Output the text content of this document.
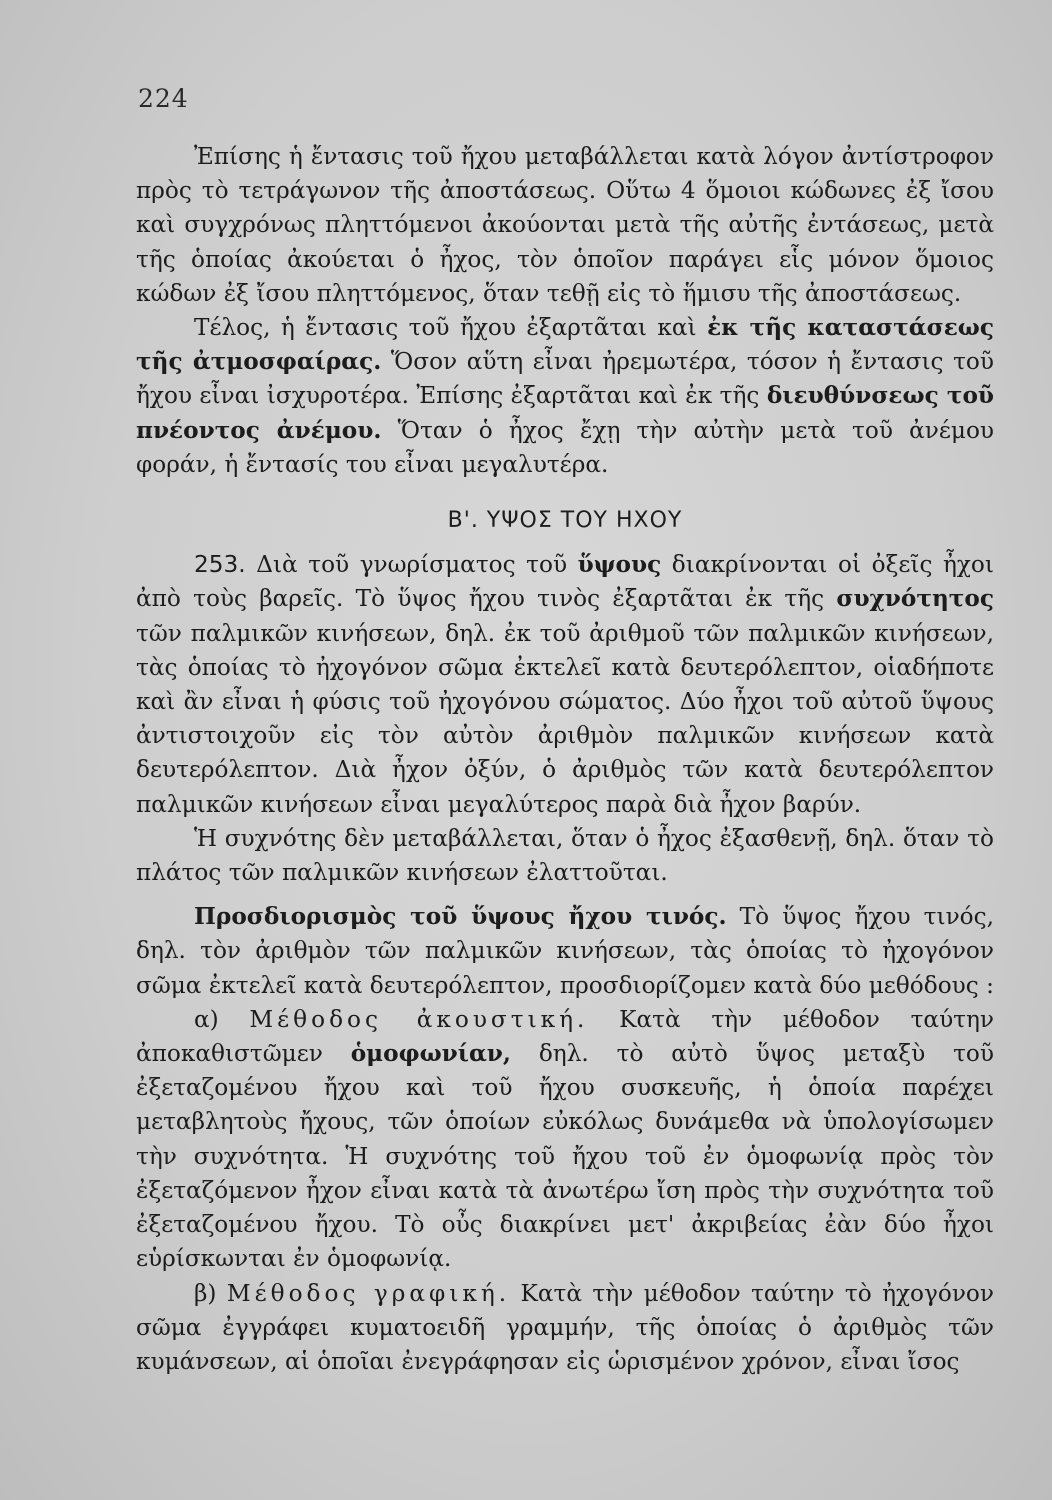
224

Ἐπίσης ἡ ἔντασις τοῦ ἤχου μεταβάλλεται κατὰ λόγον ἀντίστροφον πρὸς τὸ τετράγωνον τῆς ἀποστάσεως. Οὕτω 4 ὅμοιοι κώδωνες ἐξ ἴσου καὶ συγχρόνως πληττόμενοι ἀκούονται μετὰ τῆς αὐτῆς ἐντάσεως, μετὰ τῆς ὁποίας ἀκούεται ὁ ἦχος, τὸν ὁποῖον παράγει εἷς μόνον ὅμοιος κώδων ἐξ ἴσου πληττόμενος, ὅταν τεθῇ εἰς τὸ ἥμισυ τῆς ἀποστάσεως.

Τέλος, ἡ ἔντασις τοῦ ἤχου ἐξαρτᾶται καὶ ἐκ τῆς καταστάσεως τῆς ἀτμοσφαίρας. Ὅσον αὕτη εἶναι ἠρεμωτέρα, τόσον ἡ ἔντασις τοῦ ἤχου εἶναι ἰσχυροτέρα. Ἐπίσης ἐξαρτᾶται καὶ ἐκ τῆς διευθύνσεως τοῦ πνέοντος ἀνέμου. Ὅταν ὁ ἦχος ἔχῃ τὴν αὐτὴν μετὰ τοῦ ἀνέμου φοράν, ἡ ἔντασίς του εἶναι μεγαλυτέρα.

Β'. ΥΨΟΣ ΤΟΥ ΗΧΟΥ

253. Διὰ τοῦ γνωρίσματος τοῦ ὕψους διακρίνονται οἱ ὀξεῖς ἦχοι ἀπὸ τοὺς βαρεῖς. Τὸ ὕψος ἤχου τινὸς ἐξαρτᾶται ἐκ τῆς συχνότητος τῶν παλμικῶν κινήσεων, δηλ. ἐκ τοῦ ἀριθμοῦ τῶν παλμικῶν κινήσεων, τὰς ὁποίας τὸ ἠχογόνον σῶμα ἐκτελεῖ κατὰ δευτερόλεπτον, οἱαδήποτε καὶ ἂν εἶναι ἡ φύσις τοῦ ἠχογόνου σώματος. Δύο ἦχοι τοῦ αὐτοῦ ὕψους ἀντιστοιχοῦν εἰς τὸν αὐτὸν ἀριθμὸν παλμικῶν κινήσεων κατὰ δευτερόλεπτον. Διὰ ἦχον ὀξύν, ὁ ἀριθμὸς τῶν κατὰ δευτερόλεπτον παλμικῶν κινήσεων εἶναι μεγαλύτερος παρὰ διὰ ἦχον βαρύν.

Ἡ συχνότης δὲν μεταβάλλεται, ὅταν ὁ ἦχος ἐξασθενῇ, δηλ. ὅταν τὸ πλάτος τῶν παλμικῶν κινήσεων ἐλαττοῦται.

Προσδιορισμὸς τοῦ ὕψους ἤχου τινός. Τὸ ὕψος ἤχου τινός, δηλ. τὸν ἀριθμὸν τῶν παλμικῶν κινήσεων, τὰς ὁποίας τὸ ἠχογόνον σῶμα ἐκτελεῖ κατὰ δευτερόλεπτον, προσδιορίζομεν κατὰ δύο μεθόδους :

α) Μέθοδος ἀκουστική. Κατὰ τὴν μέθοδον ταύτην ἀποκαθιστῶμεν ὁμοφωνίαν, δηλ. τὸ αὐτὸ ὕψος μεταξὺ τοῦ ἐξεταζομένου ἤχου καὶ τοῦ ἤχου συσκευῆς, ἡ ὁποία παρέχει μεταβλητοὺς ἤχους, τῶν ὁποίων εὐκόλως δυνάμεθα νὰ ὑπολογίσωμεν τὴν συχνότητα. Ἡ συχνότης τοῦ ἤχου τοῦ ἐν ὁμοφωνίᾳ πρὸς τὸν ἐξεταζόμενον ἦχον εἶναι κατὰ τὰ ἀνωτέρω ἴση πρὸς τὴν συχνότητα τοῦ ἐξεταζομένου ἤχου. Τὸ οὖς διακρίνει μετ' ἀκριβείας ἐὰν δύο ἦχοι εὑρίσκωνται ἐν ὁμοφωνίᾳ.

β) Μέθοδος γραφική. Κατὰ τὴν μέθοδον ταύτην τὸ ἠχογόνον σῶμα ἐγγράφει κυματοειδῆ γραμμήν, τῆς ὁποίας ὁ ἀριθμὸς τῶν κυμάνσεων, αἱ ὁποῖαι ἐνεγράφησαν εἰς ὡρισμένον χρόνον, εἶναι ἴσος
